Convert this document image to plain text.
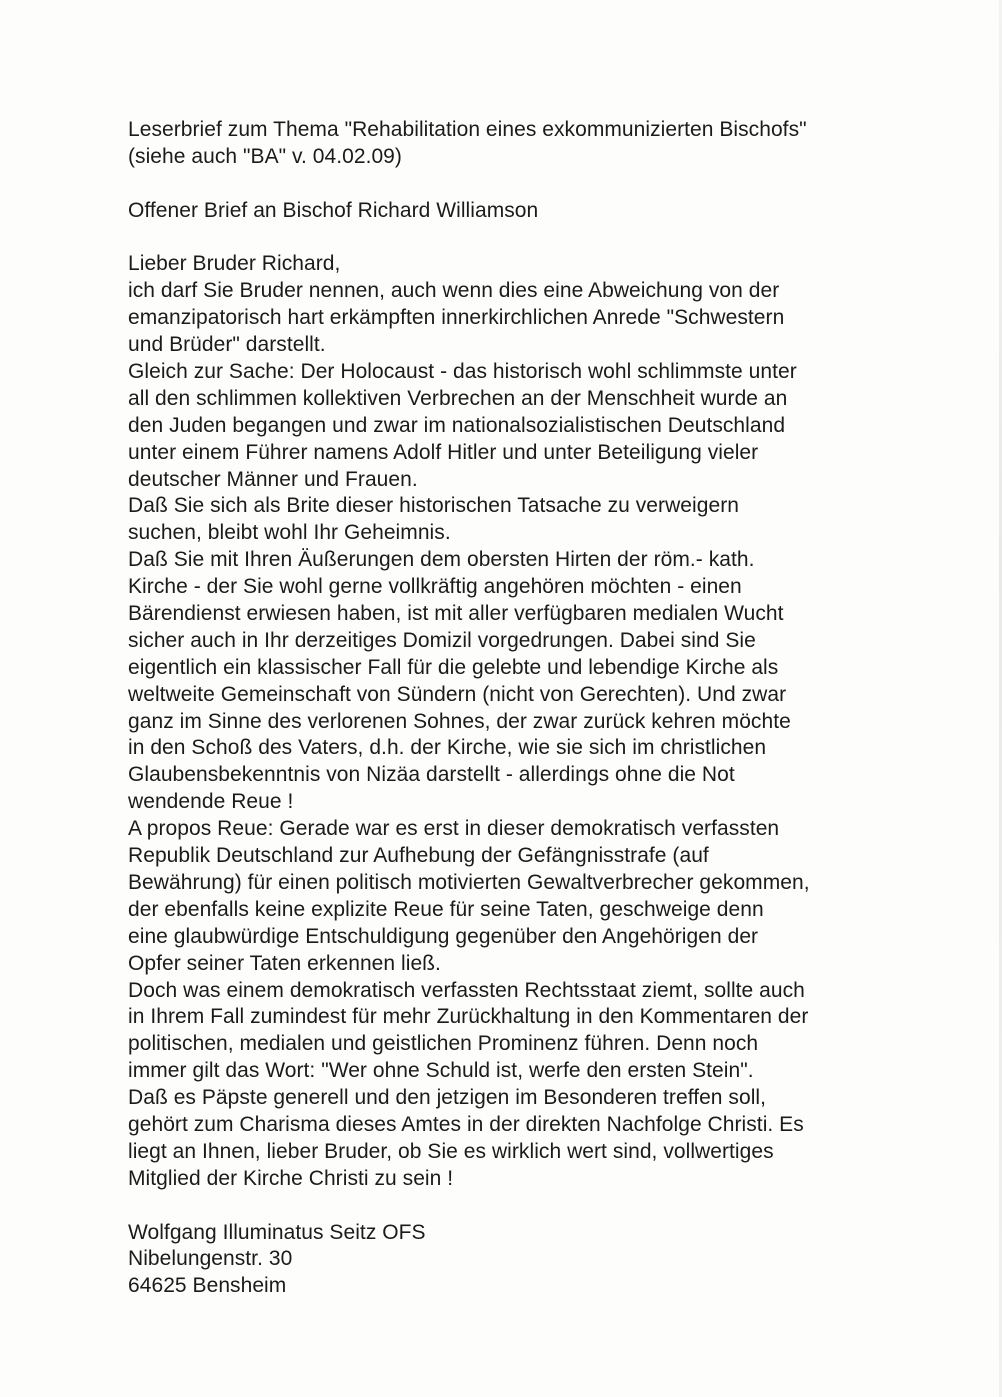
Leserbrief zum Thema "Rehabilitation eines exkommunizierten Bischofs"
(siehe auch "BA" v. 04.02.09)
Offener Brief an Bischof Richard Williamson
Lieber Bruder Richard,
ich darf Sie Bruder nennen, auch wenn dies eine Abweichung von der
emanzipatorisch hart erkämpften innerkirchlichen Anrede "Schwestern
und Brüder" darstellt.
Gleich zur Sache: Der Holocaust - das historisch wohl schlimmste unter
all den schlimmen kollektiven Verbrechen an der Menschheit wurde an
den Juden begangen und zwar im nationalsozialistischen Deutschland
unter einem Führer namens Adolf Hitler und unter Beteiligung vieler
deutscher Männer und Frauen.
Daß Sie sich als Brite dieser historischen Tatsache zu verweigern
suchen, bleibt wohl Ihr Geheimnis.
Daß Sie mit Ihren Äußerungen dem obersten Hirten der röm.- kath.
Kirche - der Sie wohl gerne vollkräftig angehören möchten - einen
Bärendienst erwiesen haben, ist mit aller verfügbaren medialen Wucht
sicher auch in Ihr derzeitiges Domizil vorgedrungen. Dabei sind Sie
eigentlich ein klassischer Fall für die gelebte und lebendige Kirche als
weltweite Gemeinschaft von Sündern (nicht von Gerechten). Und zwar
ganz im Sinne des verlorenen Sohnes, der zwar zurück kehren möchte
in den Schoß des Vaters, d.h. der Kirche, wie sie sich im christlichen
Glaubensbekenntnis von Nizäa darstellt - allerdings ohne die Not
wendende Reue !
A propos Reue: Gerade war es erst in dieser demokratisch verfassten
Republik Deutschland zur Aufhebung der Gefängnisstrafe (auf
Bewährung) für einen politisch motivierten Gewaltverbrecher gekommen,
der ebenfalls keine explizite Reue für seine Taten, geschweige denn
eine glaubwürdige Entschuldigung gegenüber den Angehörigen der
Opfer seiner Taten erkennen ließ.
Doch was einem demokratisch verfassten Rechtsstaat ziemt, sollte auch
in Ihrem Fall zumindest für mehr Zurückhaltung in den Kommentaren der
politischen, medialen und geistlichen Prominenz führen. Denn noch
immer gilt das Wort: "Wer ohne Schuld ist, werfe den ersten Stein".
Daß es Päpste generell und den jetzigen im Besonderen treffen soll,
gehört zum Charisma dieses Amtes in der direkten Nachfolge Christi. Es
liegt an Ihnen, lieber Bruder, ob Sie es wirklich wert sind, vollwertiges
Mitglied der Kirche Christi zu sein !
Wolfgang Illuminatus Seitz OFS
Nibelungenstr. 30
64625 Bensheim
